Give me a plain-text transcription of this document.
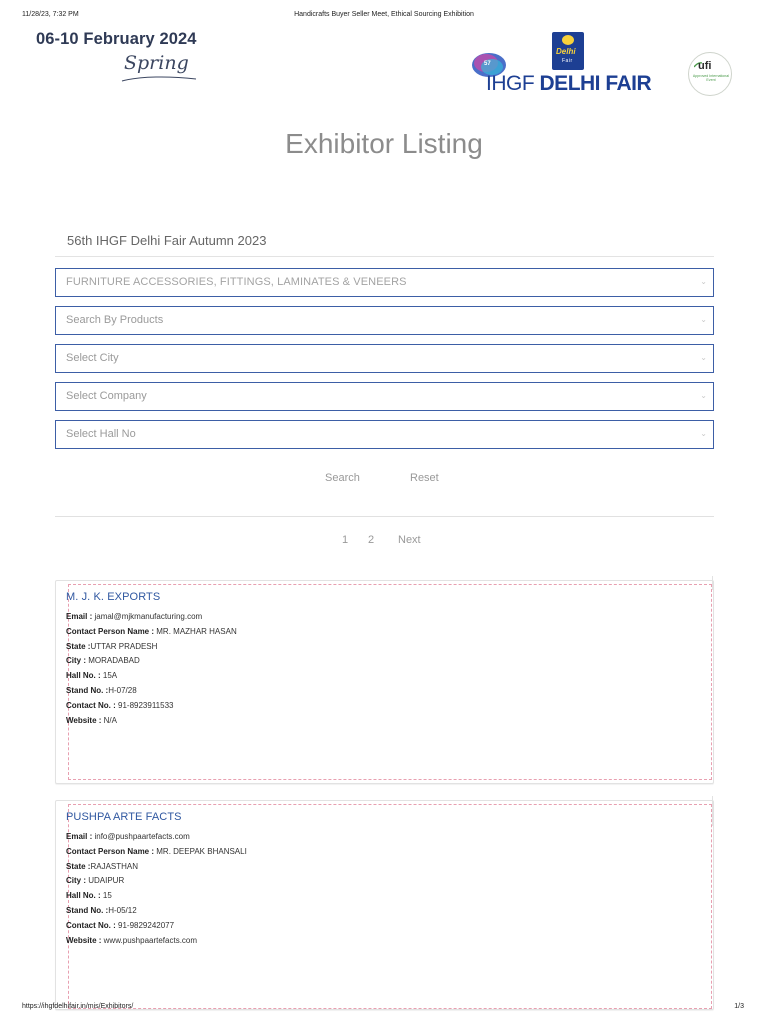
11/28/23, 7:32 PM	Handicrafts Buyer Seller Meet, Ethical Sourcing Exhibition
06-10 February 2024
Spring	57
Delhi
Fair
IHGF DELHI FAIR
ufi
Approved International Event
Exhibitor Listing
56th IHGF Delhi Fair Autumn 2023
FURNITURE ACCESSORIES, FITTINGS, LAMINATES & VENEERS	⌄
Search By Products	⌄
Select City	⌄
Select Company	⌄
Select Hall No	⌄
Search	Reset
1 2 Next
M. J. K. EXPORTS
Email : jamal@mjkmanufacturing.com
Contact Person Name : MR. MAZHAR HASAN
State :UTTAR PRADESH
City : MORADABAD
Hall No. : 15A
Stand No. :H-07/28
Contact No. : 91-8923911533
Website : N/A
PUSHPA ARTE FACTS
Email : info@pushpaartefacts.com
Contact Person Name : MR. DEEPAK BHANSALI
State :RAJASTHAN
City : UDAIPUR
Hall No. : 15
Stand No. :H-05/12
Contact No. : 91-9829242077
Website : www.pushpaartefacts.com
https://ihgfdelhifair.in/mis/Exhibitors/	1/3
